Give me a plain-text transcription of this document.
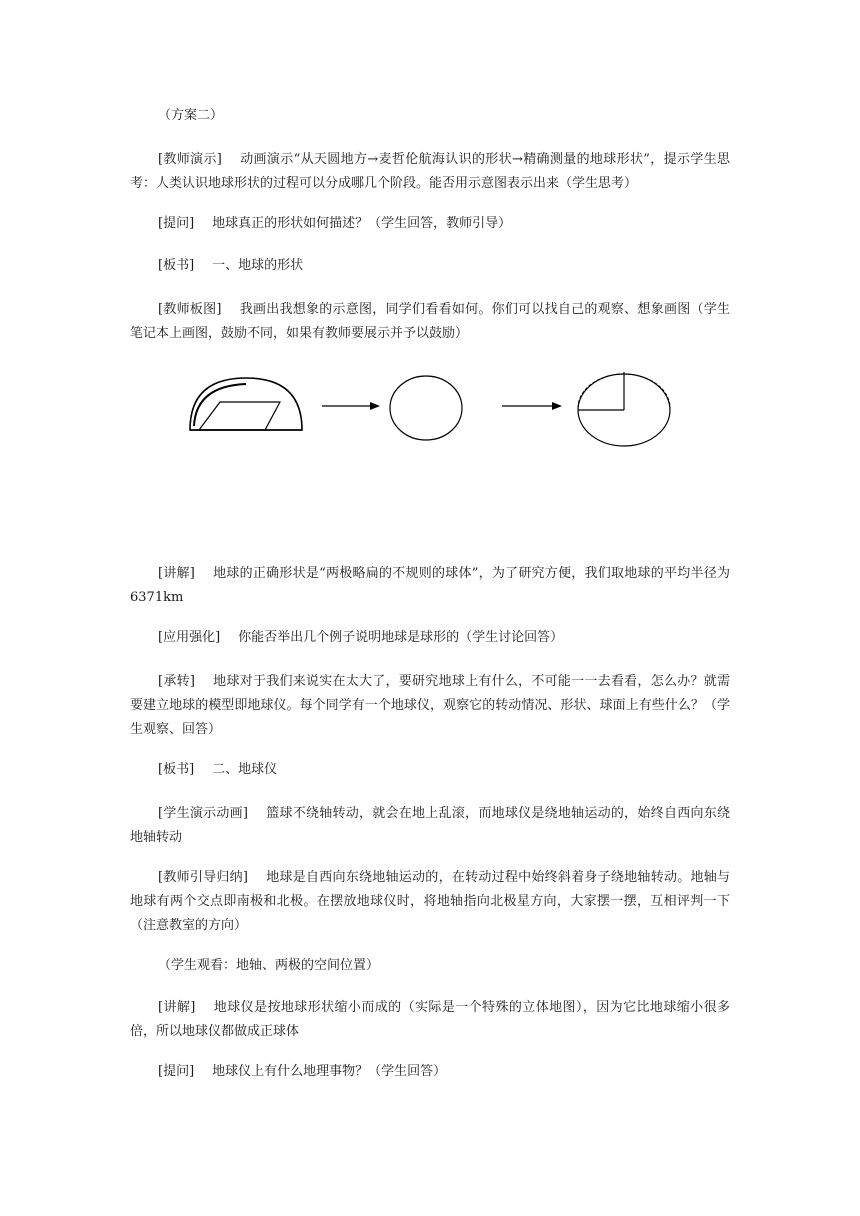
（方案二）

[教师演示] 动画演示“从天圆地方→麦哲伦航海认识的形状→精确测量的地球形状”，提示学生思考：人类认识地球形状的过程可以分成哪几个阶段。能否用示意图表示出来（学生思考）

[提问] 地球真正的形状如何描述？（学生回答，教师引导）

[板书] 一、地球的形状

[教师板图] 我画出我想象的示意图，同学们看看如何。你们可以找自己的观察、想象画图（学生笔记本上画图，鼓励不同，如果有教师要展示并予以鼓励）

[讲解] 地球的正确形状是“两极略扁的不规则的球体”，为了研究方便，我们取地球的平均半径为6371km

[应用强化] 你能否举出几个例子说明地球是球形的（学生讨论回答）

[承转] 地球对于我们来说实在太大了，要研究地球上有什么，不可能一一去看看，怎么办？就需要建立地球的模型即地球仪。每个同学有一个地球仪，观察它的转动情况、形状、球面上有些什么？（学生观察、回答）

[板书] 二、地球仪

[学生演示动画] 篮球不绕轴转动，就会在地上乱滚，而地球仪是绕地轴运动的，始终自西向东绕地轴转动

[教师引导归纳] 地球是自西向东绕地轴运动的，在转动过程中始终斜着身子绕地轴转动。地轴与地球有两个交点即南极和北极。在摆放地球仪时，将地轴指向北极星方向，大家摆一摆，互相评判一下（注意教室的方向）

（学生观看：地轴、两极的空间位置）

[讲解] 地球仪是按地球形状缩小而成的（实际是一个特殊的立体地图），因为它比地球缩小很多倍，所以地球仪都做成正球体

[提问] 地球仪上有什么地理事物？（学生回答）
